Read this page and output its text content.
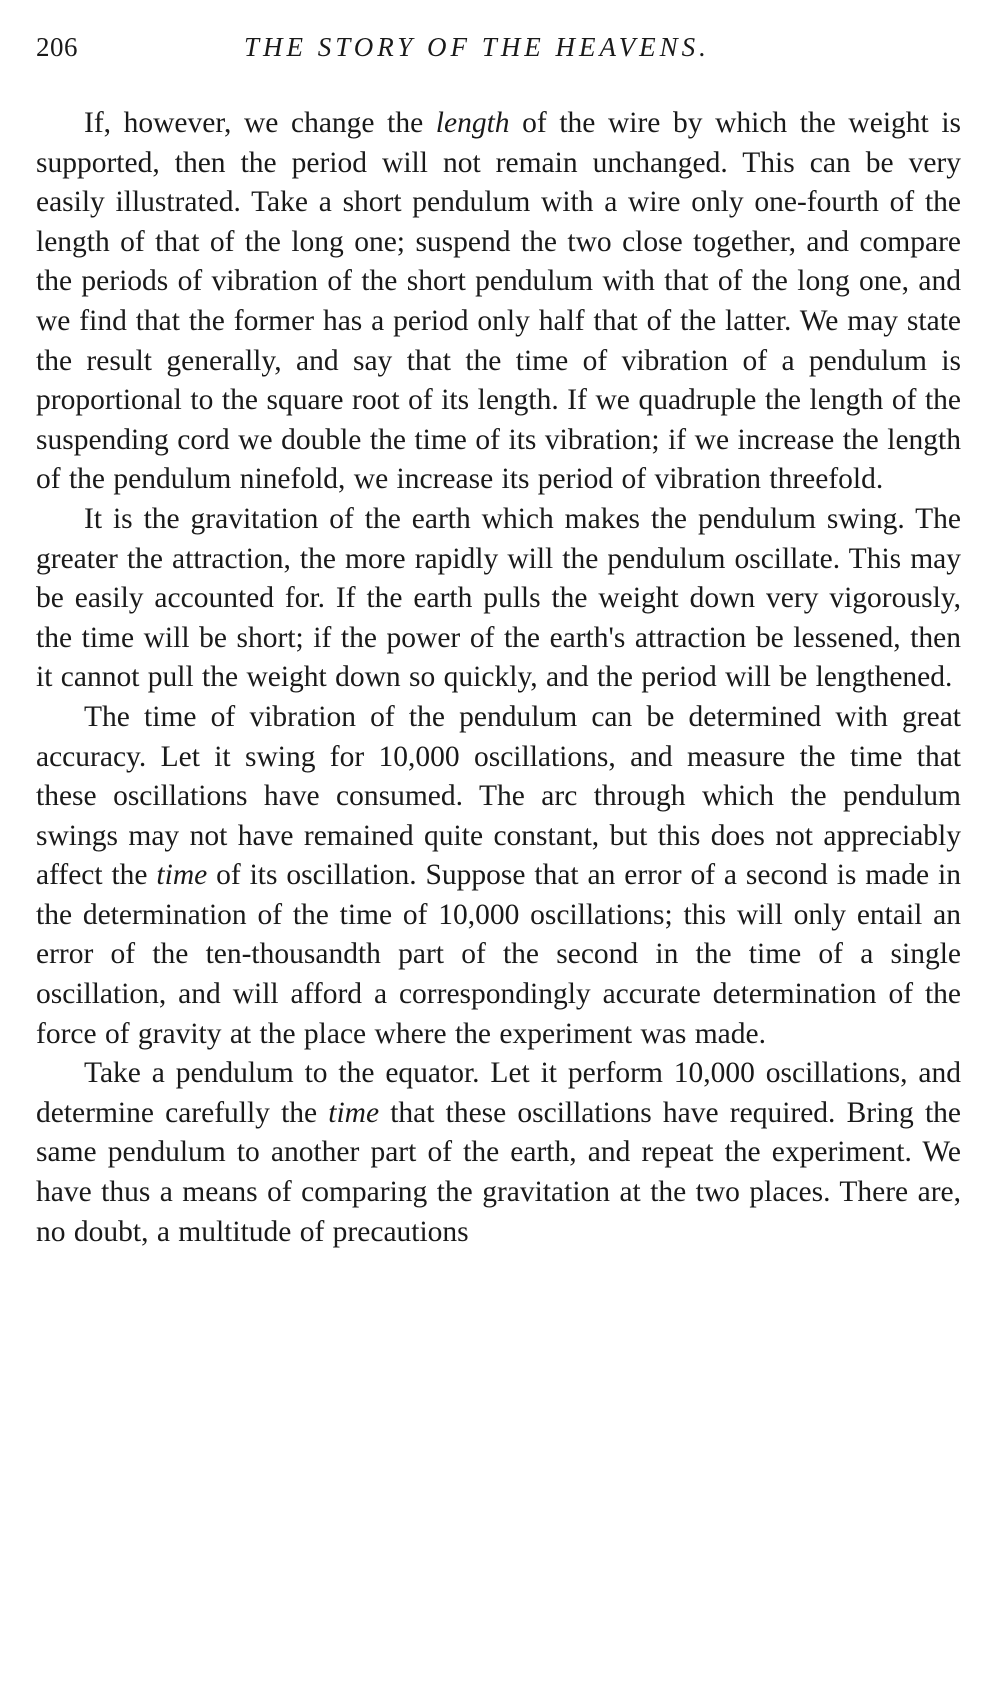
206	THE STORY OF THE HEAVENS.

If, however, we change the length of the wire by which the weight is supported, then the period will not remain unchanged. This can be very easily illustrated. Take a short pendulum with a wire only one-fourth of the length of that of the long one; suspend the two close together, and compare the periods of vibration of the short pendulum with that of the long one, and we find that the former has a period only half that of the latter. We may state the result generally, and say that the time of vibration of a pendulum is proportional to the square root of its length. If we quadruple the length of the suspending cord we double the time of its vibration; if we increase the length of the pendulum ninefold, we increase its period of vibration threefold.

It is the gravitation of the earth which makes the pendulum swing. The greater the attraction, the more rapidly will the pendulum oscillate. This may be easily accounted for. If the earth pulls the weight down very vigorously, the time will be short; if the power of the earth's attraction be lessened, then it cannot pull the weight down so quickly, and the period will be lengthened.

The time of vibration of the pendulum can be determined with great accuracy. Let it swing for 10,000 oscillations, and measure the time that these oscillations have consumed. The arc through which the pendulum swings may not have remained quite constant, but this does not appreciably affect the time of its oscillation. Suppose that an error of a second is made in the determination of the time of 10,000 oscillations; this will only entail an error of the ten-thousandth part of the second in the time of a single oscillation, and will afford a correspondingly accurate determination of the force of gravity at the place where the experiment was made.

Take a pendulum to the equator. Let it perform 10,000 oscillations, and determine carefully the time that these oscillations have required. Bring the same pendulum to another part of the earth, and repeat the experiment. We have thus a means of comparing the gravitation at the two places. There are, no doubt, a multitude of precautions
